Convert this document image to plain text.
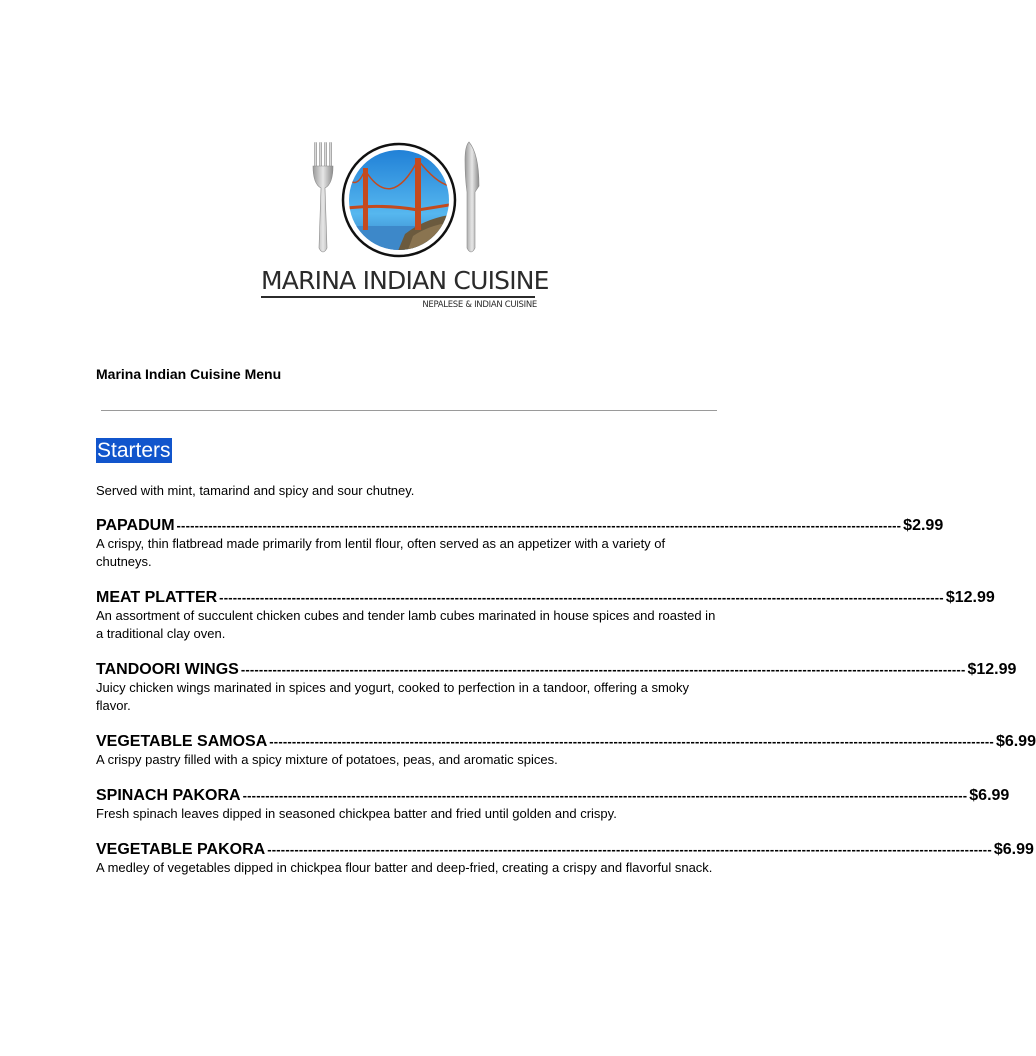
MARINA INDIAN CUISINE
NEPALESE & INDIAN CUISINE
Marina Indian Cuisine Menu
Starters
Served with mint, tamarind and spicy and sour chutney.
PAPADUM ---------------------------------------------------------------------------------------------------------------------------------------------------------------- $2.99
A crispy, thin flatbread made primarily from lentil flour, often served as an appetizer with a variety of chutneys.
MEAT PLATTER ---------------------------------------------------------------------------------------------------------------------------------------------------------------- $12.99
An assortment of succulent chicken cubes and tender lamb cubes marinated in house spices and roasted in a traditional clay oven.
TANDOORI WINGS ---------------------------------------------------------------------------------------------------------------------------------------------------------------- $12.99
Juicy chicken wings marinated in spices and yogurt, cooked to perfection in a tandoor, offering a smoky flavor.
VEGETABLE SAMOSA ---------------------------------------------------------------------------------------------------------------------------------------------------------------- $6.99
A crispy pastry filled with a spicy mixture of potatoes, peas, and aromatic spices.
SPINACH PAKORA ---------------------------------------------------------------------------------------------------------------------------------------------------------------- $6.99
Fresh spinach leaves dipped in seasoned chickpea batter and fried until golden and crispy.
VEGETABLE PAKORA ---------------------------------------------------------------------------------------------------------------------------------------------------------------- $6.99
A medley of vegetables dipped in chickpea flour batter and deep-fried, creating a crispy and flavorful snack.
